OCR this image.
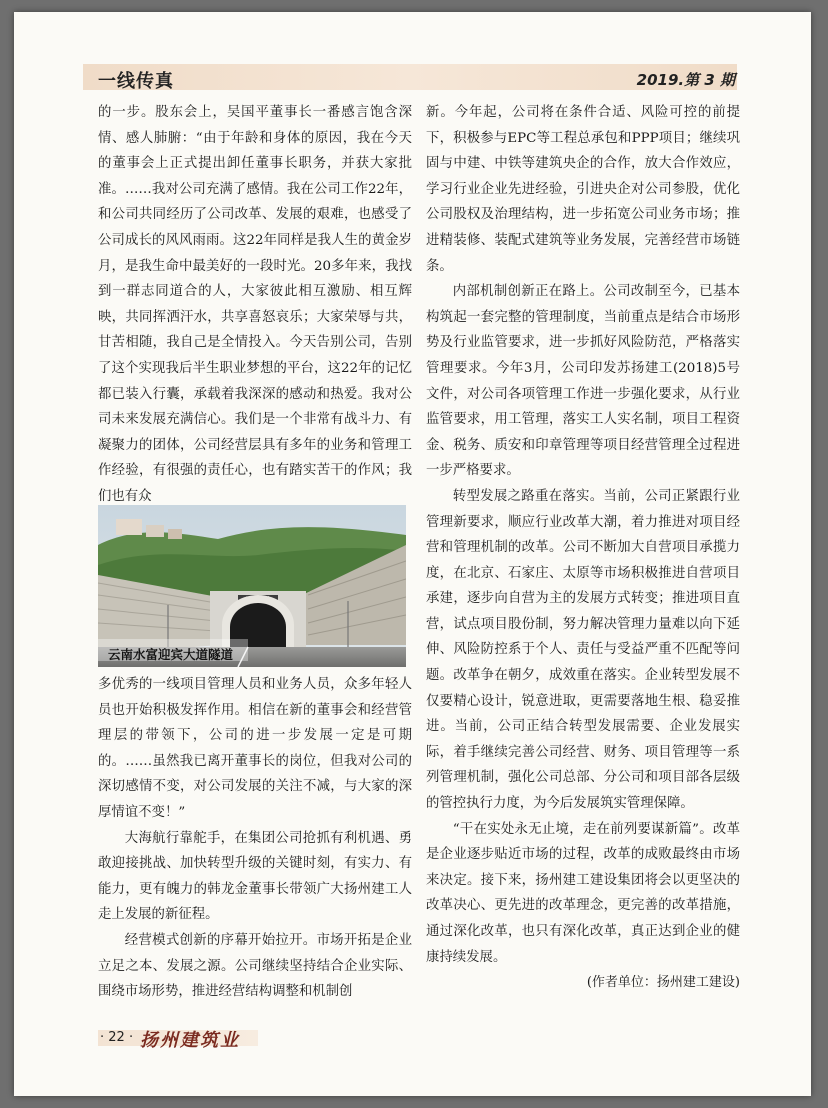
一线传真	2019.第 3 期

的一步。股东会上，吴国平董事长一番感言饱含深情、感人肺腑：“由于年龄和身体的原因，我在今天的董事会上正式提出卸任董事长职务，并获大家批准。……我对公司充满了感情。我在公司工作22年，和公司共同经历了公司改革、发展的艰难，也感受了公司成长的风风雨雨。这22年同样是我人生的黄金岁月，是我生命中最美好的一段时光。20多年来，我找到一群志同道合的人，大家彼此相互激励、相互辉映，共同挥洒汗水，共享喜怒哀乐；大家荣辱与共，甘苦相随，我自己是全情投入。今天告别公司，告别了这个实现我后半生职业梦想的平台，这22年的记忆都已装入行囊，承载着我深深的感动和热爱。我对公司未来发展充满信心。我们是一个非常有战斗力、有凝聚力的团体，公司经营层具有多年的业务和管理工作经验，有很强的责任心，也有踏实苦干的作风；我们也有众

云南水富迎宾大道隧道

多优秀的一线项目管理人员和业务人员，众多年轻人员也开始积极发挥作用。相信在新的董事会和经营管理层的带领下，公司的进一步发展一定是可期的。……虽然我已离开董事长的岗位，但我对公司的深切感情不变，对公司发展的关注不减，与大家的深厚情谊不变！”

大海航行靠舵手，在集团公司抢抓有利机遇、勇敢迎接挑战、加快转型升级的关键时刻，有实力、有能力，更有魄力的韩龙金董事长带领广大扬州建工人走上发展的新征程。

经营模式创新的序幕开始拉开。市场开拓是企业立足之本、发展之源。公司继续坚持结合企业实际、围绕市场形势，推进经营结构调整和机制创

新。今年起，公司将在条件合适、风险可控的前提下，积极参与EPC等工程总承包和PPP项目；继续巩固与中建、中铁等建筑央企的合作，放大合作效应，学习行业企业先进经验，引进央企对公司参股，优化公司股权及治理结构，进一步拓宽公司业务市场；推进精装修、装配式建筑等业务发展，完善经营市场链条。

内部机制创新正在路上。公司改制至今，已基本构筑起一套完整的管理制度，当前重点是结合市场形势及行业监管要求，进一步抓好风险防范，严格落实管理要求。今年3月，公司印发苏扬建工(2018)5号文件，对公司各项管理工作进一步强化要求，从行业监管要求，用工管理，落实工人实名制，项目工程资金、税务、质安和印章管理等项目经营管理全过程进一步严格要求。

转型发展之路重在落实。当前，公司正紧跟行业管理新要求，顺应行业改革大潮，着力推进对项目经营和管理机制的改革。公司不断加大自营项目承揽力度，在北京、石家庄、太原等市场积极推进自营项目承建，逐步向自营为主的发展方式转变；推进项目直营，试点项目股份制，努力解决管理力量难以向下延伸、风险防控系于个人、责任与受益严重不匹配等问题。改革争在朝夕，成效重在落实。企业转型发展不仅要精心设计，锐意进取，更需要落地生根、稳妥推进。当前，公司正结合转型发展需要、企业发展实际，着手继续完善公司经营、财务、项目管理等一系列管理机制，强化公司总部、分公司和项目部各层级的管控执行力度，为今后发展筑实管理保障。

“干在实处永无止境，走在前列要谋新篇”。改革是企业逐步贴近市场的过程，改革的成败最终由市场来决定。接下来，扬州建工建设集团将会以更坚决的改革决心、更先进的改革理念，更完善的改革措施，通过深化改革，也只有深化改革，真正达到企业的健康持续发展。

(作者单位：扬州建工建设)

· 22 · 扬州建筑业
